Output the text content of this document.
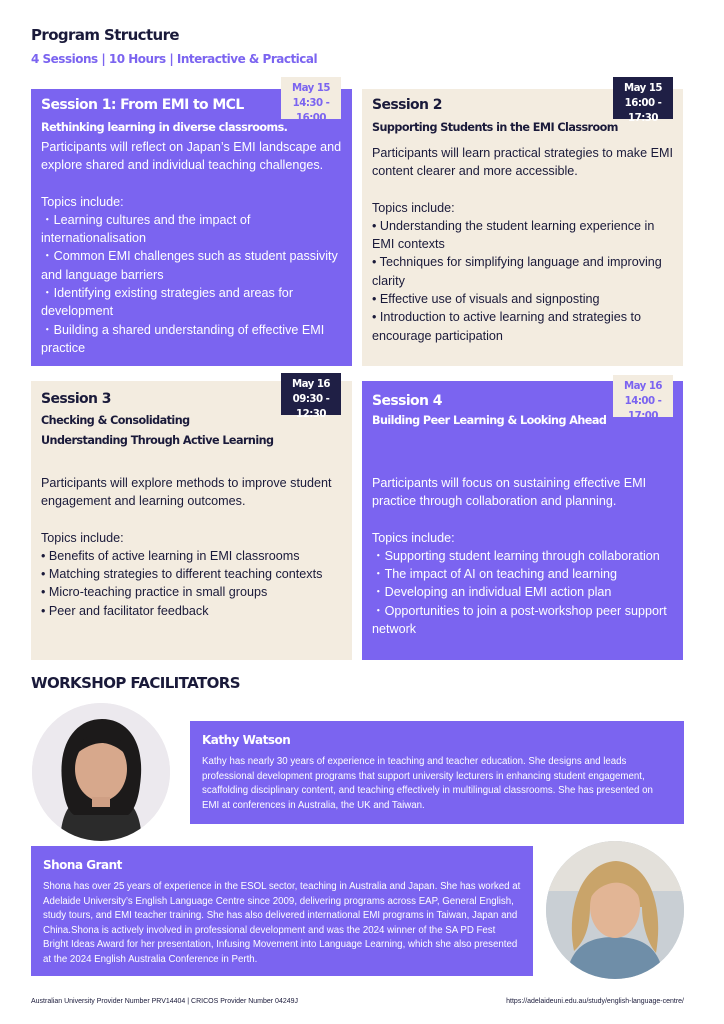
Program Structure
4 Sessions | 10 Hours | Interactive & Practical
Session 1: From EMI to MCL
Rethinking learning in diverse classrooms.

Participants will reflect on Japan’s EMI landscape and explore shared and individual teaching challenges.

Topics include:
・Learning cultures and the impact of internationalisation
・Common EMI challenges such as student passivity and language barriers
・Identifying existing strategies and areas for development
・Building a shared understanding of effective EMI practice
May 15
14:30 - 16:00
Session 2
Supporting Students in the EMI Classroom

Participants will learn practical strategies to make EMI content clearer and more accessible.

Topics include:
• Understanding the student learning experience in EMI contexts
• Techniques for simplifying language and improving clarity
• Effective use of visuals and signposting
• Introduction to active learning and strategies to encourage participation
May 15
16:00 - 17:30
Session 3
Checking & Consolidating
Understanding Through Active Learning

Participants will explore methods to improve student engagement and learning outcomes.

Topics include:
• Benefits of active learning in EMI classrooms
• Matching strategies to different teaching contexts
• Micro-teaching practice in small groups
• Peer and facilitator feedback
May 16
09:30 - 12:30
Session 4
Building Peer Learning & Looking Ahead

Participants will focus on sustaining effective EMI practice through collaboration and planning.

Topics include:
・Supporting student learning through collaboration
・The impact of AI on teaching and learning
・Developing an individual EMI action plan
・Opportunities to join a post-workshop peer support network
May 16
14:00 - 17:00
WORKSHOP FACILITATORS
Kathy Watson
Kathy has nearly 30 years of experience in teaching and teacher education. She designs and leads professional development programs that support university lecturers in enhancing student engagement, scaffolding disciplinary content, and teaching effectively in multilingual classrooms. She has presented on EMI at conferences in Australia, the UK and Taiwan.
Shona Grant
Shona has over 25 years of experience in the ESOL sector, teaching in Australia and Japan. She has worked at Adelaide University’s English Language Centre since 2009, delivering programs across EAP, General English, study tours, and EMI teacher training. She has also delivered international EMI programs in Taiwan, Japan and China.Shona is actively involved in professional development and was the 2024 winner of the SA PD Fest Bright Ideas Award for her presentation, Infusing Movement into Language Learning, which she also presented at the 2024 English Australia Conference in Perth.
Australian University Provider Number PRV14404 | CRICOS Provider Number 04249J	https://adelaideuni.edu.au/study/english-language-centre/
